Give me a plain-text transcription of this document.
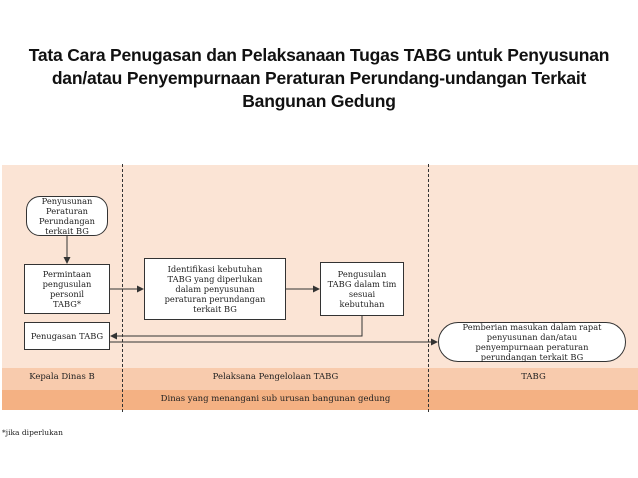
Tata Cara Penugasan dan Pelaksanaan Tugas TABG untuk Penyusunan
dan/atau Penyempurnaan Peraturan Perundang-undangan Terkait
Bangunan Gedung
Kepala Dinas B	Pelaksana Pengelolaan TABG	TABG
Dinas yang menangani sub urusan bangunan gedung
Penyusunan Peraturan Perundangan terkait BG
Permintaan pengusulan personil TABG*
Penugasan TABG
Identifikasi kebutuhan TABG yang diperlukan dalam penyusunan peraturan perundangan terkait BG
Pengusulan TABG dalam tim sesuai kebutuhan
Pemberian masukan dalam rapat penyusunan dan/atau penyempurnaan peraturan perundangan terkait BG
*jika diperlukan
